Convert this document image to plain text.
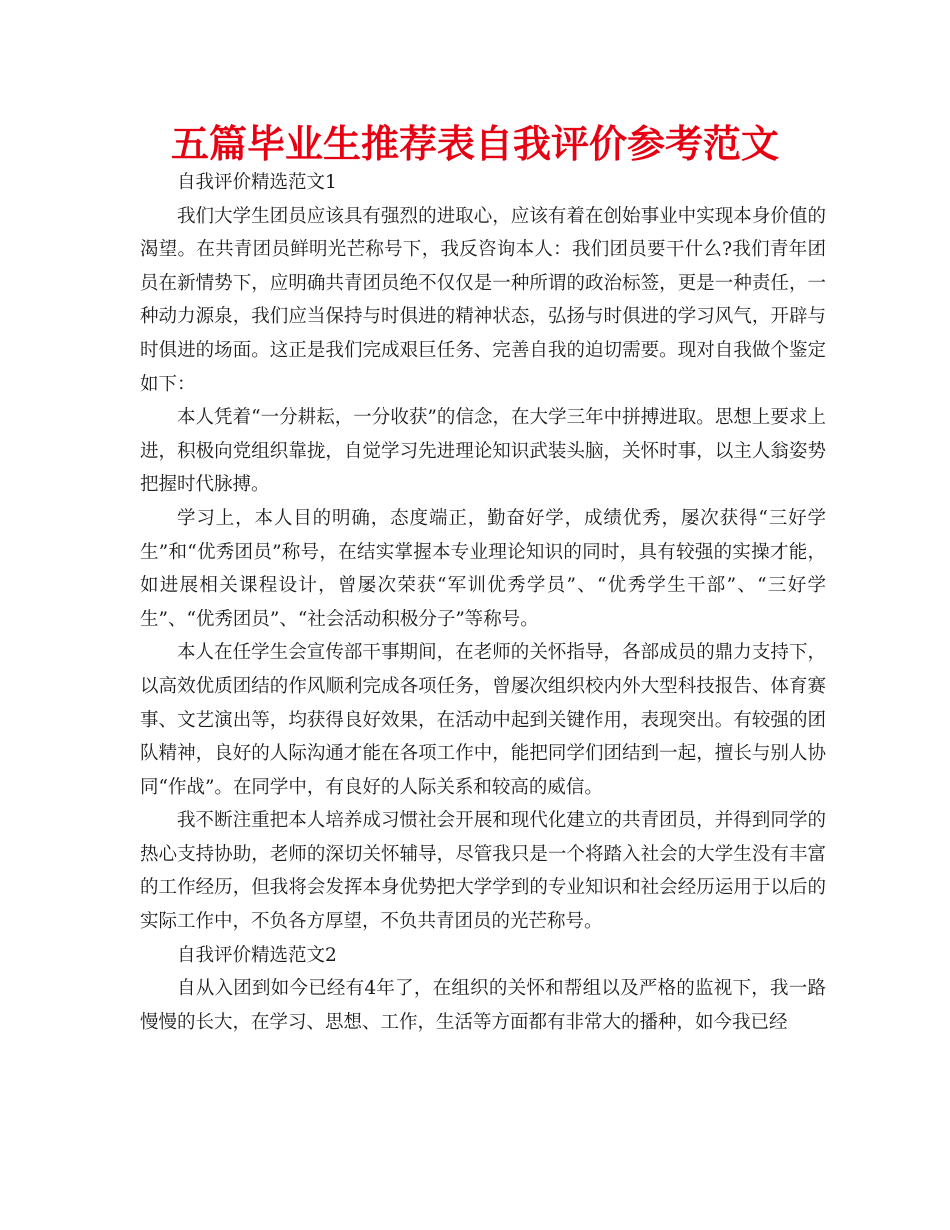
五篇毕业生推荐表自我评价参考范文

自我评价精选范文1

我们大学生团员应该具有强烈的进取心，应该有着在创始事业中实现本身价值的渴望。在共青团员鲜明光芒称号下，我反咨询本人：我们团员要干什么?我们青年团员在新情势下，应明确共青团员绝不仅仅是一种所谓的政治标签，更是一种责任，一种动力源泉，我们应当保持与时俱进的精神状态，弘扬与时俱进的学习风气，开辟与时俱进的场面。这正是我们完成艰巨任务、完善自我的迫切需要。现对自我做个鉴定如下：

本人凭着“一分耕耘，一分收获”的信念，在大学三年中拼搏进取。思想上要求上进，积极向党组织靠拢，自觉学习先进理论知识武装头脑，关怀时事，以主人翁姿势把握时代脉搏。

学习上，本人目的明确，态度端正，勤奋好学，成绩优秀，屡次获得“三好学生”和“优秀团员”称号，在结实掌握本专业理论知识的同时，具有较强的实操才能，如进展相关课程设计，曾屡次荣获“军训优秀学员”、“优秀学生干部”、“三好学生”、“优秀团员”、“社会活动积极分子”等称号。

本人在任学生会宣传部干事期间，在老师的关怀指导，各部成员的鼎力支持下，以高效优质团结的作风顺利完成各项任务，曾屡次组织校内外大型科技报告、体育赛事、文艺演出等，均获得良好效果，在活动中起到关键作用，表现突出。有较强的团队精神，良好的人际沟通才能在各项工作中，能把同学们团结到一起，擅长与别人协同“作战”。在同学中，有良好的人际关系和较高的威信。

我不断注重把本人培养成习惯社会开展和现代化建立的共青团员，并得到同学的热心支持协助，老师的深切关怀辅导，尽管我只是一个将踏入社会的大学生没有丰富的工作经历，但我将会发挥本身优势把大学学到的专业知识和社会经历运用于以后的实际工作中，不负各方厚望，不负共青团员的光芒称号。

自我评价精选范文2

自从入团到如今已经有4年了，在组织的关怀和帮组以及严格的监视下，我一路慢慢的长大，在学习、思想、工作，生活等方面都有非常大的播种，如今我已经
